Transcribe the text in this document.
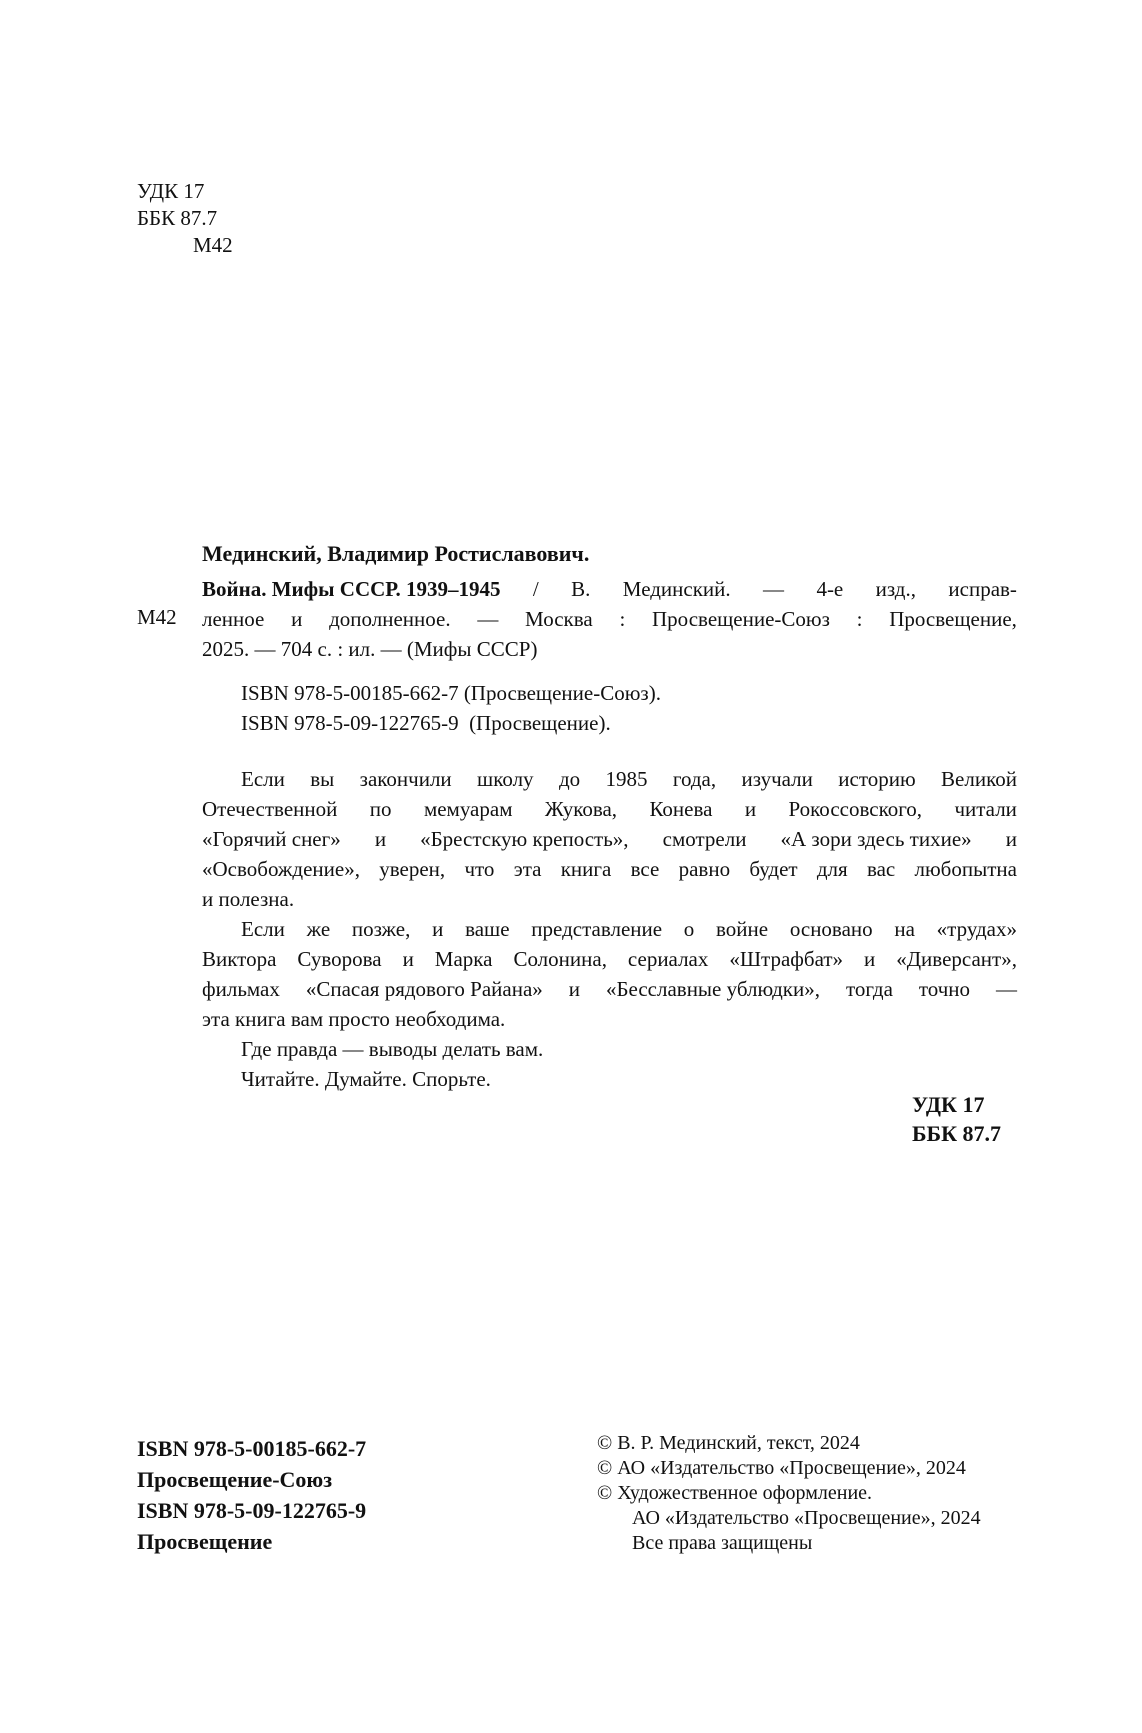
УДК 17
ББК 87.7
М42
Мединский, Владимир Ростиславович.
М42
Война. Мифы СССР. 1939–1945 / В. Мединский. — 4-е изд., исправ-
ленное и дополненное. — Москва : Просвещение-Союз : Просвещение,
2025. — 704 с. : ил. — (Мифы СССР)
ISBN 978-5-00185-662-7 (Просвещение-Союз).
ISBN 978-5-09-122765-9  (Просвещение).
Если вы закончили школу до 1985 года, изучали историю Великой
Отечественной по мемуарам Жукова, Конева и Рокоссовского, читали
«Горячий снег» и «Брестскую крепость», смотрели «А зори здесь тихие» и
«Освобождение», уверен, что эта книга все равно будет для вас любопытна
и полезна.
Если же позже, и ваше представление о войне основано на «трудах»
Виктора Суворова и Марка Солонина, сериалах «Штрафбат» и «Диверсант»,
фильмах «Спасая рядового Райана» и «Бесславные ублюдки», тогда точно —
эта книга вам просто необходима.
Где правда — выводы делать вам.
Читайте. Думайте. Спорьте.
УДК 17
ББК 87.7
ISBN 978-5-00185-662-7
Просвещение-Союз
ISBN 978-5-09-122765-9
Просвещение
© В. Р. Мединский, текст, 2024
© АО «Издательство «Просвещение», 2024
© Художественное оформление.
АО «Издательство «Просвещение», 2024
Все права защищены
